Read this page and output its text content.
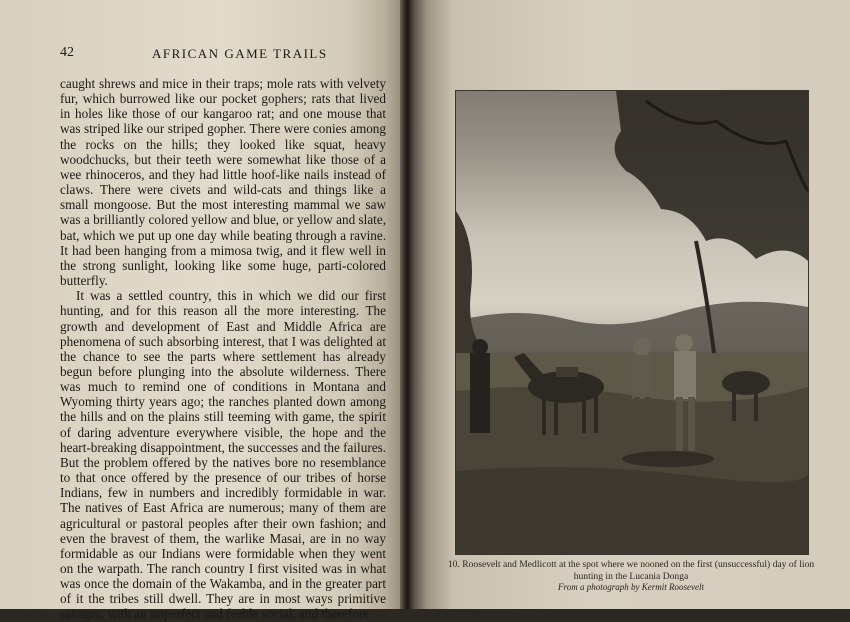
42	AFRICAN GAME TRAILS

caught shrews and mice in their traps; mole rats with velvety fur, which burrowed like our pocket gophers; rats that lived in holes like those of our kangaroo rat; and one mouse that was striped like our striped gopher. There were conies among the rocks on the hills; they looked like squat, heavy woodchucks, but their teeth were somewhat like those of a wee rhinoceros, and they had little hoof-like nails instead of claws. There were civets and wild-cats and things like a small mongoose. But the most interesting mammal we saw was a brilliantly colored yellow and blue, or yellow and slate, bat, which we put up one day while beating through a ravine. It had been hanging from a mimosa twig, and it flew well in the strong sunlight, looking like some huge, parti-colored butterfly.

It was a settled country, this in which we did our first hunting, and for this reason all the more interesting. The growth and development of East and Middle Africa are phenomena of such absorbing interest, that I was delighted at the chance to see the parts where settlement has already begun before plunging into the absolute wilderness. There was much to remind one of conditions in Montana and Wyoming thirty years ago; the ranches planted down among the hills and on the plains still teeming with game, the spirit of daring adventure everywhere visible, the hope and the heart-breaking disappointment, the successes and the failures. But the problem offered by the natives bore no resemblance to that once offered by the presence of our tribes of horse Indians, few in numbers and incredibly formidable in war. The natives of East Africa are numerous; many of them are agricultural or pastoral peoples after their own fashion; and even the bravest of them, the warlike Masai, are in no way formidable as our Indians were formidable when they went on the warpath. The ranch country I first visited was in what was once the domain of the Wakamba, and in the greater part of it the tribes still dwell. They are in most ways primitive savages, with an imperfect and feeble social, and therefore

10. Roosevelt and Medlicott at the spot where we nooned on the first (unsuccessful) day of lion hunting in the Lucania Donga
From a photograph by Kermit Roosevelt
